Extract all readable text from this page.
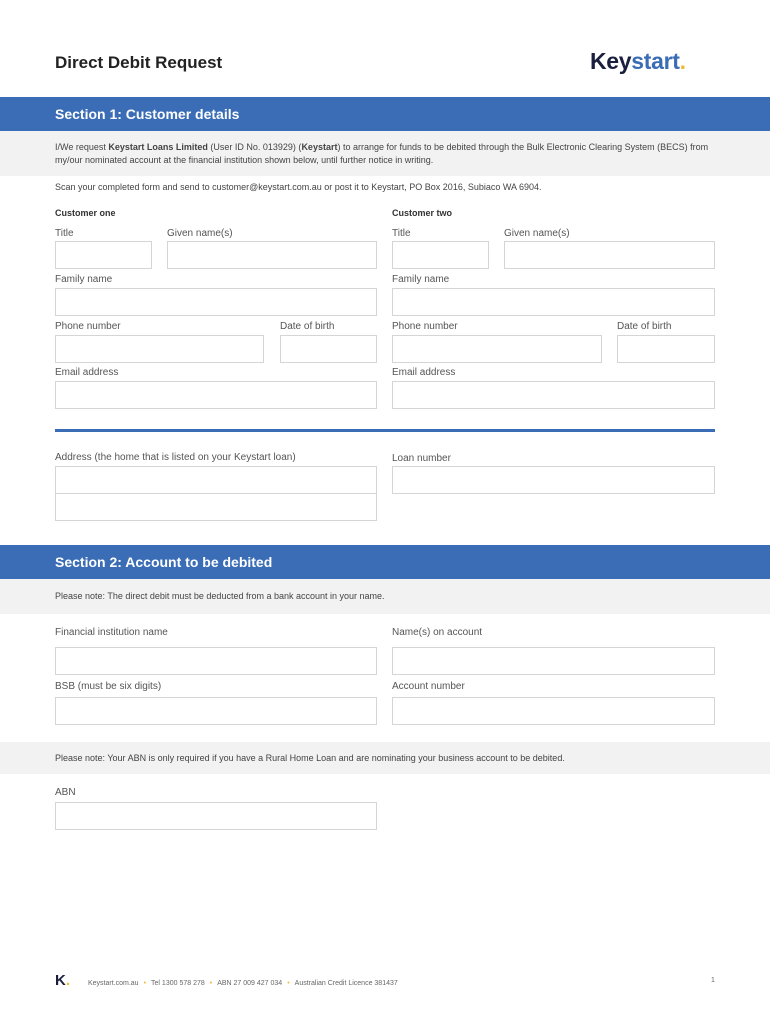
Direct Debit Request	Keystart.
Section 1: Customer details
I/We request Keystart Loans Limited (User ID No. 013929) (Keystart) to arrange for funds to be debited through the Bulk Electronic Clearing System (BECS) from my/our nominated account at the financial institution shown below, until further notice in writing.
Scan your completed form and send to customer@keystart.com.au or post it to Keystart, PO Box 2016, Subiaco WA 6904.
Customer one
Title	Given name(s)
Family name
Phone number	Date of birth
Email address
Customer two
Title	Given name(s)
Family name
Phone number	Date of birth
Email address
Address (the home that is listed on your Keystart loan)	Loan number
Section 2: Account to be debited
Please note: The direct debit must be deducted from a bank account in your name.
Financial institution name	Name(s) on account
BSB (must be six digits)	Account number
Please note: Your ABN is only required if you have a Rural Home Loan and are nominating your business account to be debited.
ABN
K.	Keystart.com.au • Tel 1300 578 278 • ABN 27 009 427 034 • Australian Credit Licence 381437	1
